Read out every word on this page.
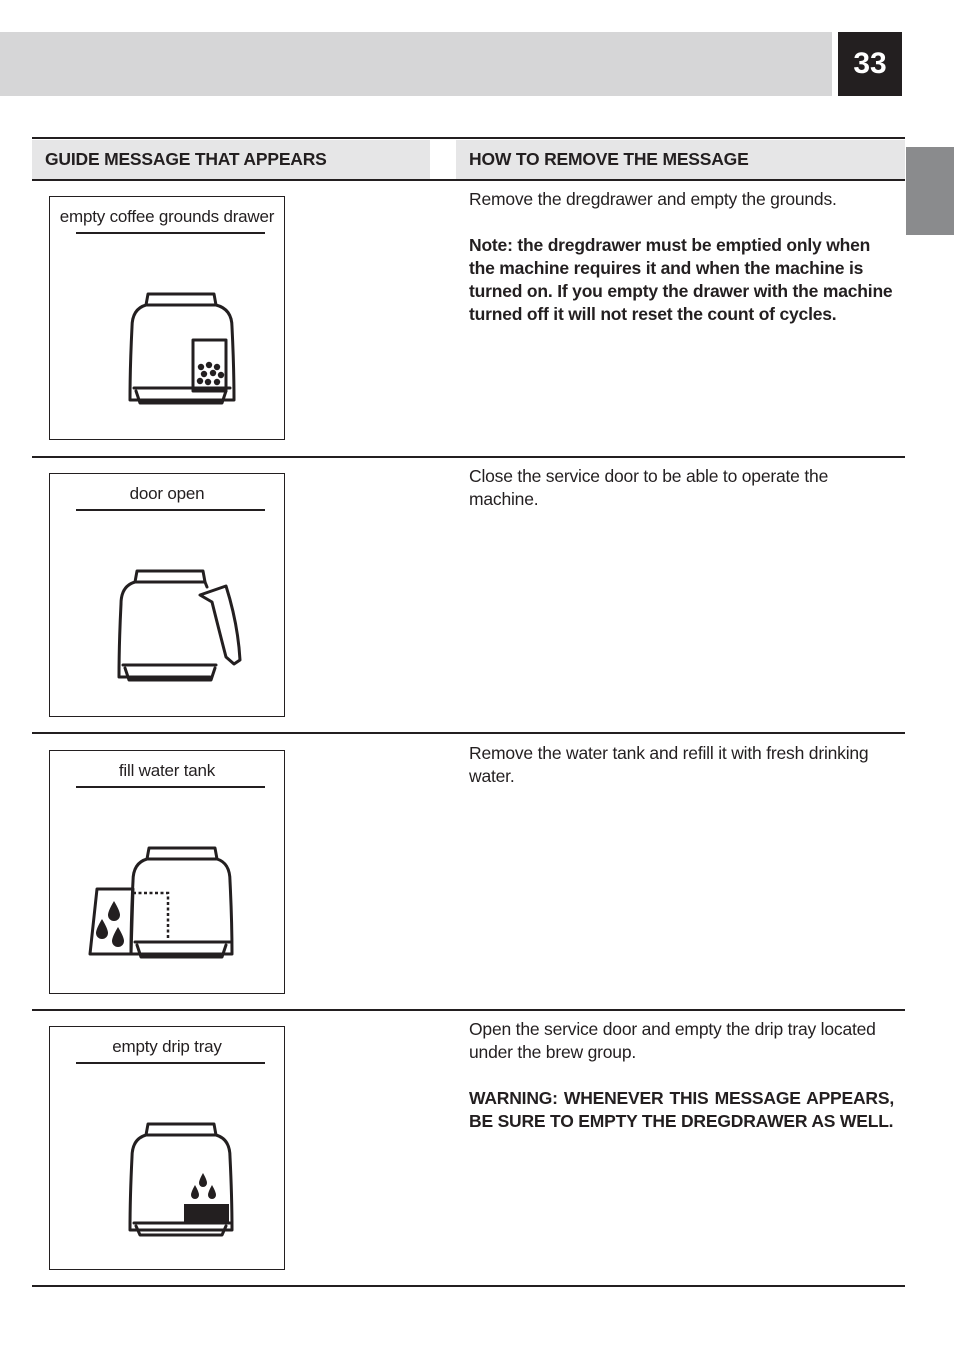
33
GUIDE MESSAGE THAT APPEARS	HOW TO REMOVE THE MESSAGE
empty coffee grounds drawer

Remove the dregdrawer and empty the grounds.

Note: the dregdrawer must be emptied only when the machine requires it and when the machine is turned on. If you empty the drawer with the machine turned off it will not reset the count of cycles.

door open

Close the service door to be able to operate the machine.

fill water tank

Remove the water tank and refill it with fresh drinking water.

empty drip tray

Open the service door and empty the drip tray located under the brew group.

WARNING: WHENEVER THIS MESSAGE APPEARS, BE SURE TO EMPTY THE DREGDRAWER AS WELL.
